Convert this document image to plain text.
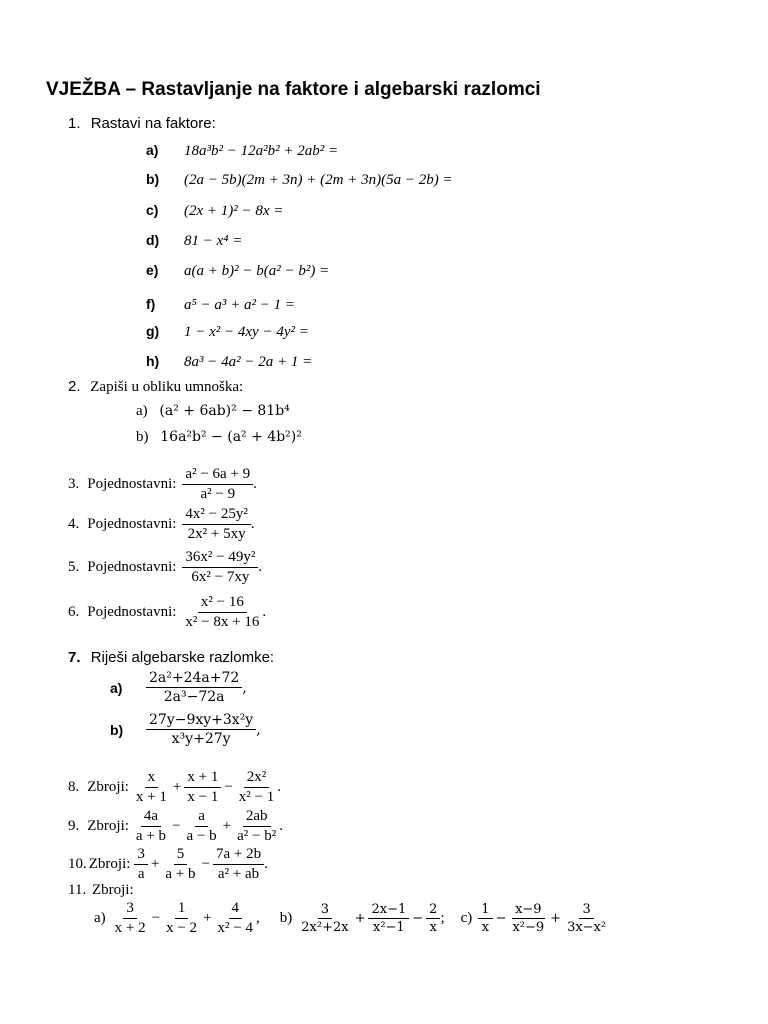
VJEŽBA – Rastavljanje na faktore i algebarski razlomci
1. Rastavi na faktore:
a) 18a³b² − 12a²b² + 2ab² =
b) (2a − 5b)(2m + 3n) + (2m + 3n)(5a − 2b) =
c) (2x + 1)² − 8x =
d) 81 − x⁴ =
e) a(a + b)² − b(a² − b²) =
f) a⁵ − a³ + a² − 1 =
g) 1 − x² − 4xy − 4y² =
h) 8a³ − 4a² − 2a + 1 =
2. Zapiši u obliku umnoška:
a) (a² + 6ab)² − 81b⁴
b) 16a²b² − (a² + 4b²)²
3. Pojednostavni: $\frac{\text{a² − 6a + 9}}{\text{a² − 9}}$ .
4. Pojednostavni: $\frac{\text{4x² − 25y²}}{\text{2x² + 5xy}}$ .
5. Pojednostavni: $\frac{\text{36x² − 49y²}}{\text{6x² − 7xy}}$ .
6. Pojednostavni: $\frac{\text{x² − 16}}{\text{x² − 8x + 16}}$ .
7. Riješi algebarske razlomke:
a)	$\frac{\text{2a²+24a+72}}{\text{2a³−72a}}$ ,
b)	$\frac{\text{27y−9xy+3x²y}}{\text{x³y+27y}}$ ,
8. Zbroji: $\frac{x}{x + 1} + \frac{x + 1}{x - 1} - \frac{\text{2x²}}{\text{x² − 1}}$ .
9. Zbroji: $\frac{4a}{a + b} - \frac{a}{a - b} + \frac{2ab}{\text{a² − b²}}$ .
10. Zbroji: $\frac{3}{a} + \frac{5}{a + b} - \frac{7a + 2b}{\text{a² + ab}}$ .
11. Zbroji:
$a) \frac{3}{x + 2} - \frac{1}{x - 2} + \frac{4}{\text{x² − 4}}$ , $b) \frac{3}{\text{2x²+2x}} + \frac{2x-1}{\text{x²−1}} - \frac{2}{x}$ ; $c) \frac{1}{x} - \frac{x-9}{\text{x²−9}} + \frac{3}{\text{3x−x²}}$
